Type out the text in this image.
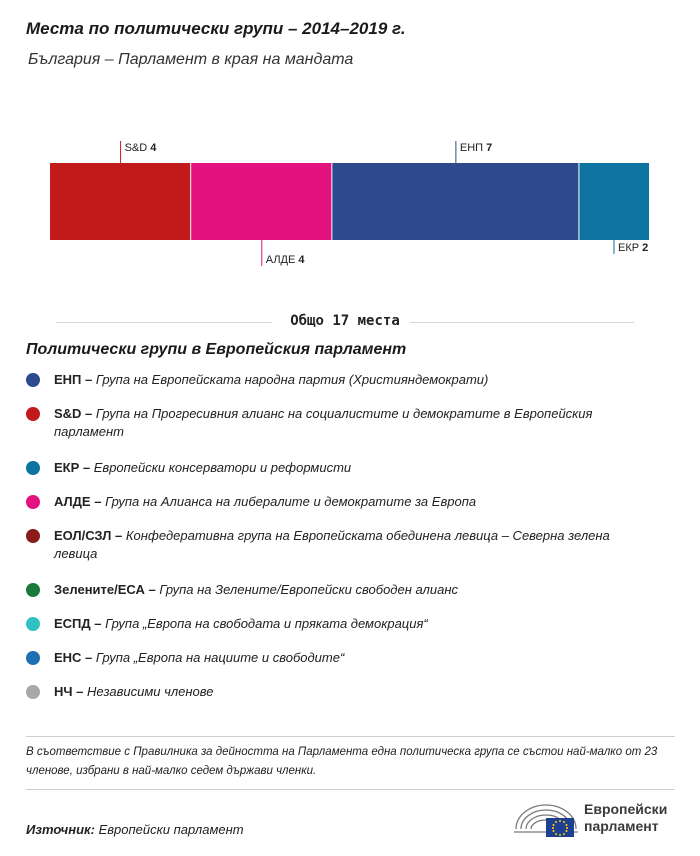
Места по политически групи – 2014–2019 г.
България – Парламент в края на мандата
S&D 4
АЛДЕ 4
ЕНП 7
ЕКР 2
Общо 17 места
Политически групи в Европейския парламент
ЕНП – Група на Европейската народна партия (Християндемократи)
S&D – Група на Прогресивния алианс на социалистите и демократите в Европейския парламент
ЕКР – Европейски консерватори и реформисти
АЛДЕ – Група на Алианса на либералите и демократите за Европа
ЕОЛ/СЗЛ – Конфедеративна група на Европейската обединена левица – Северна зелена левица
Зелените/ЕСА – Група на Зелените/Европейски свободен алианс
ЕСПД – Група „Европа на свободата и пряката демокрация“
ЕНС – Група „Европа на нациите и свободите“
НЧ – Независими членове
В съответствие с Правилника за дейността на Парламента една политическа група се състои най-малко от 23 членове, избрани в най-малко седем държави членки.
Източник: Европейски парламент
Европейски
парламент
